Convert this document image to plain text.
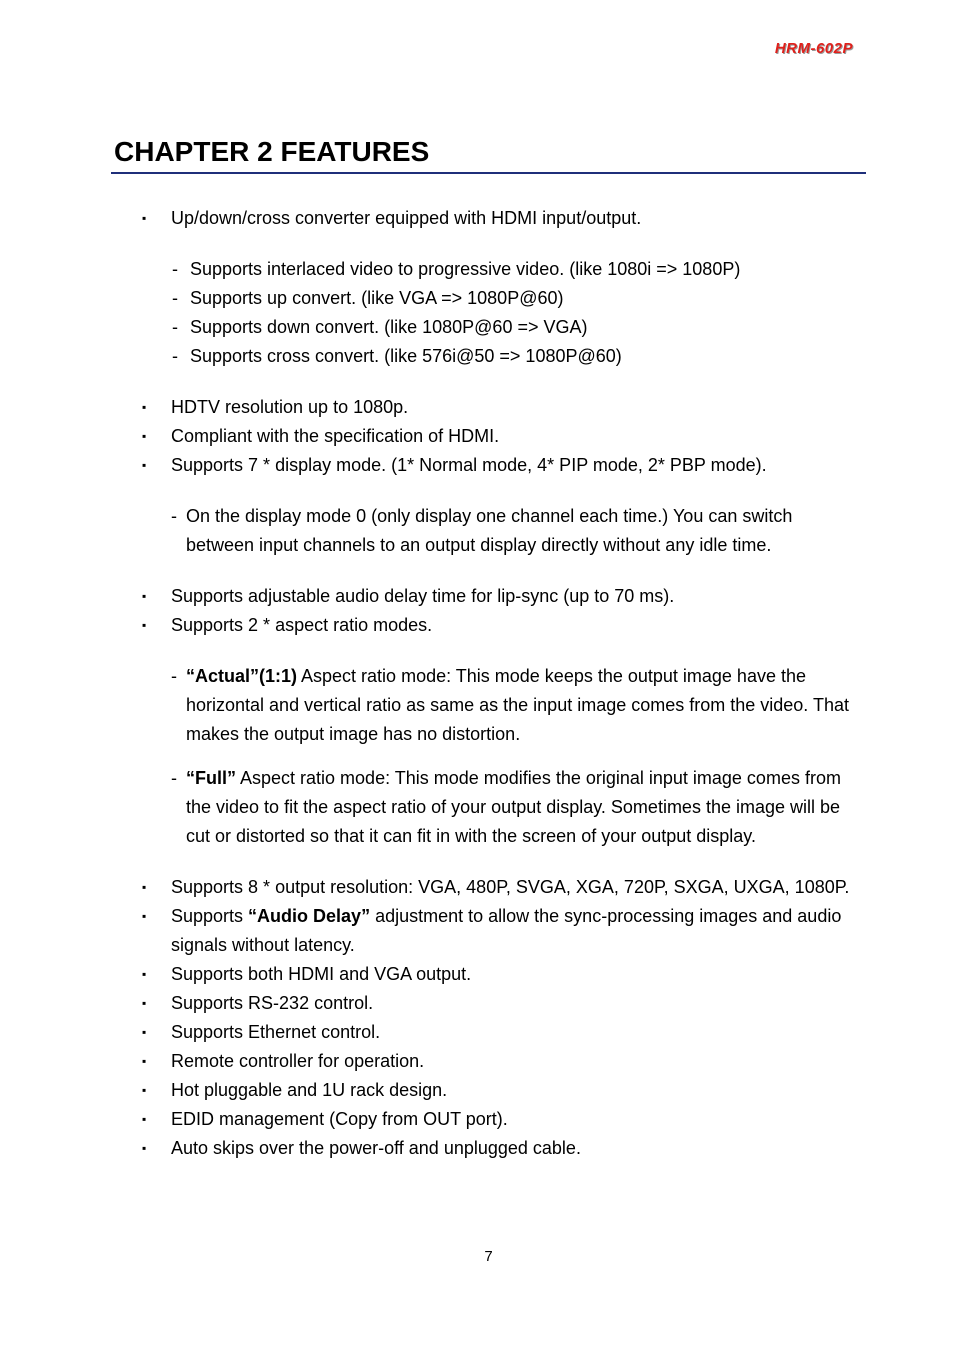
HRM-602P
CHAPTER 2 FEATURES
▪ Up/down/cross converter equipped with HDMI input/output.
- Supports interlaced video to progressive video. (like 1080i => 1080P)
- Supports up convert. (like VGA => 1080P@60)
- Supports down convert. (like 1080P@60 => VGA)
- Supports cross convert. (like 576i@50 => 1080P@60)
▪ HDTV resolution up to 1080p.
▪ Compliant with the specification of HDMI.
▪ Supports 7 * display mode. (1* Normal mode, 4* PIP mode, 2* PBP mode).
- On the display mode 0 (only display one channel each time.) You can switch between input channels to an output display directly without any idle time.
▪ Supports adjustable audio delay time for lip-sync (up to 70 ms).
▪ Supports 2 * aspect ratio modes.
- “Actual”(1:1) Aspect ratio mode: This mode keeps the output image have the horizontal and vertical ratio as same as the input image comes from the video. That makes the output image has no distortion.
- “Full” Aspect ratio mode: This mode modifies the original input image comes from the video to fit the aspect ratio of your output display. Sometimes the image will be cut or distorted so that it can fit in with the screen of your output display.
▪ Supports 8 * output resolution: VGA, 480P, SVGA, XGA, 720P, SXGA, UXGA, 1080P.
▪ Supports “Audio Delay” adjustment to allow the sync-processing images and audio signals without latency.
▪ Supports both HDMI and VGA output.
▪ Supports RS-232 control.
▪ Supports Ethernet control.
▪ Remote controller for operation.
▪ Hot pluggable and 1U rack design.
▪ EDID management (Copy from OUT port).
▪ Auto skips over the power-off and unplugged cable.
7
